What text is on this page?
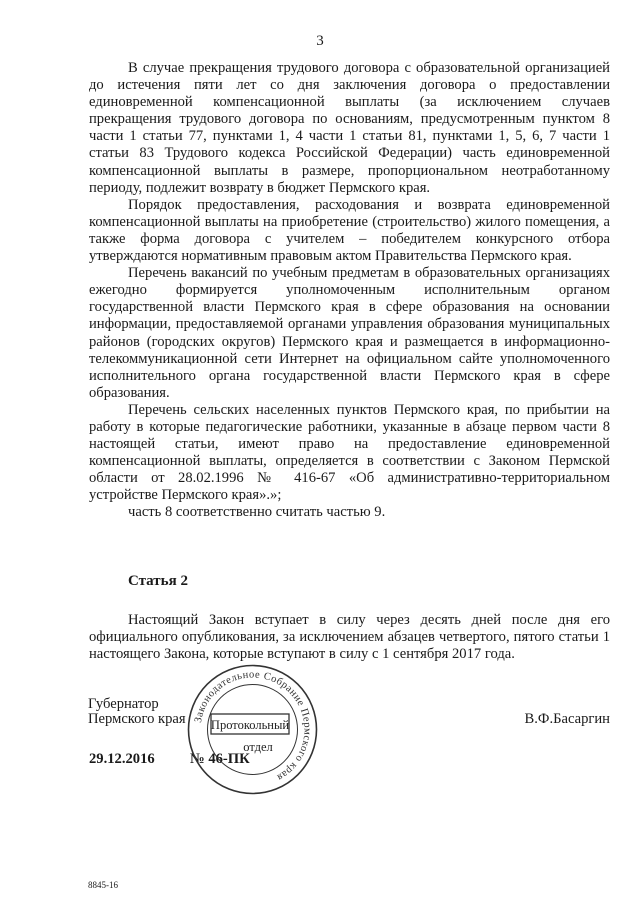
3

В случае прекращения трудового договора с образовательной организацией до истечения пяти лет со дня заключения договора о предоставлении единовременной компенсационной выплаты (за исключением случаев прекращения трудового договора по основаниям, предусмотренным пунктом 8 части 1 статьи 77, пунктами 1, 4 части 1 статьи 81, пунктами 1, 5, 6, 7 части 1 статьи 83 Трудового кодекса Российской Федерации) часть единовременной компенсационной выплаты в размере, пропорциональном неотработанному периоду, подлежит возврату в бюджет Пермского края.

Порядок предоставления, расходования и возврата единовременной компенсационной выплаты на приобретение (строительство) жилого помещения, а также форма договора с учителем – победителем конкурсного отбора утверждаются нормативным правовым актом Правительства Пермского края.

Перечень вакансий по учебным предметам в образовательных организациях ежегодно формируется уполномоченным исполнительным органом государственной власти Пермского края в сфере образования на основании информации, предоставляемой органами управления образования муниципальных районов (городских округов) Пермского края и размещается в информационно-телекоммуникационной сети Интернет на официальном сайте уполномоченного исполнительного органа государственной власти Пермского края в сфере образования.

Перечень сельских населенных пунктов Пермского края, по прибытии на работу в которые педагогические работники, указанные в абзаце первом части 8 настоящей статьи, имеют право на предоставление единовременной компенсационной выплаты, определяется в соответствии с Законом Пермской области от 28.02.1996 № 416-67 «Об административно-территориальном устройстве Пермского края».»;

часть 8 соответственно считать частью 9.

Статья 2

Настоящий Закон вступает в силу через десять дней после дня его официального опубликования, за исключением абзацев четвертого, пятого статьи 1 настоящего Закона, которые вступают в силу с 1 сентября 2017 года.

Губернатор
Пермского края	В.Ф.Басаргин
29.12.2016 № 46-ПК
Законодательное Собрание Пермского края
Протокольный
отдел
8845-16
